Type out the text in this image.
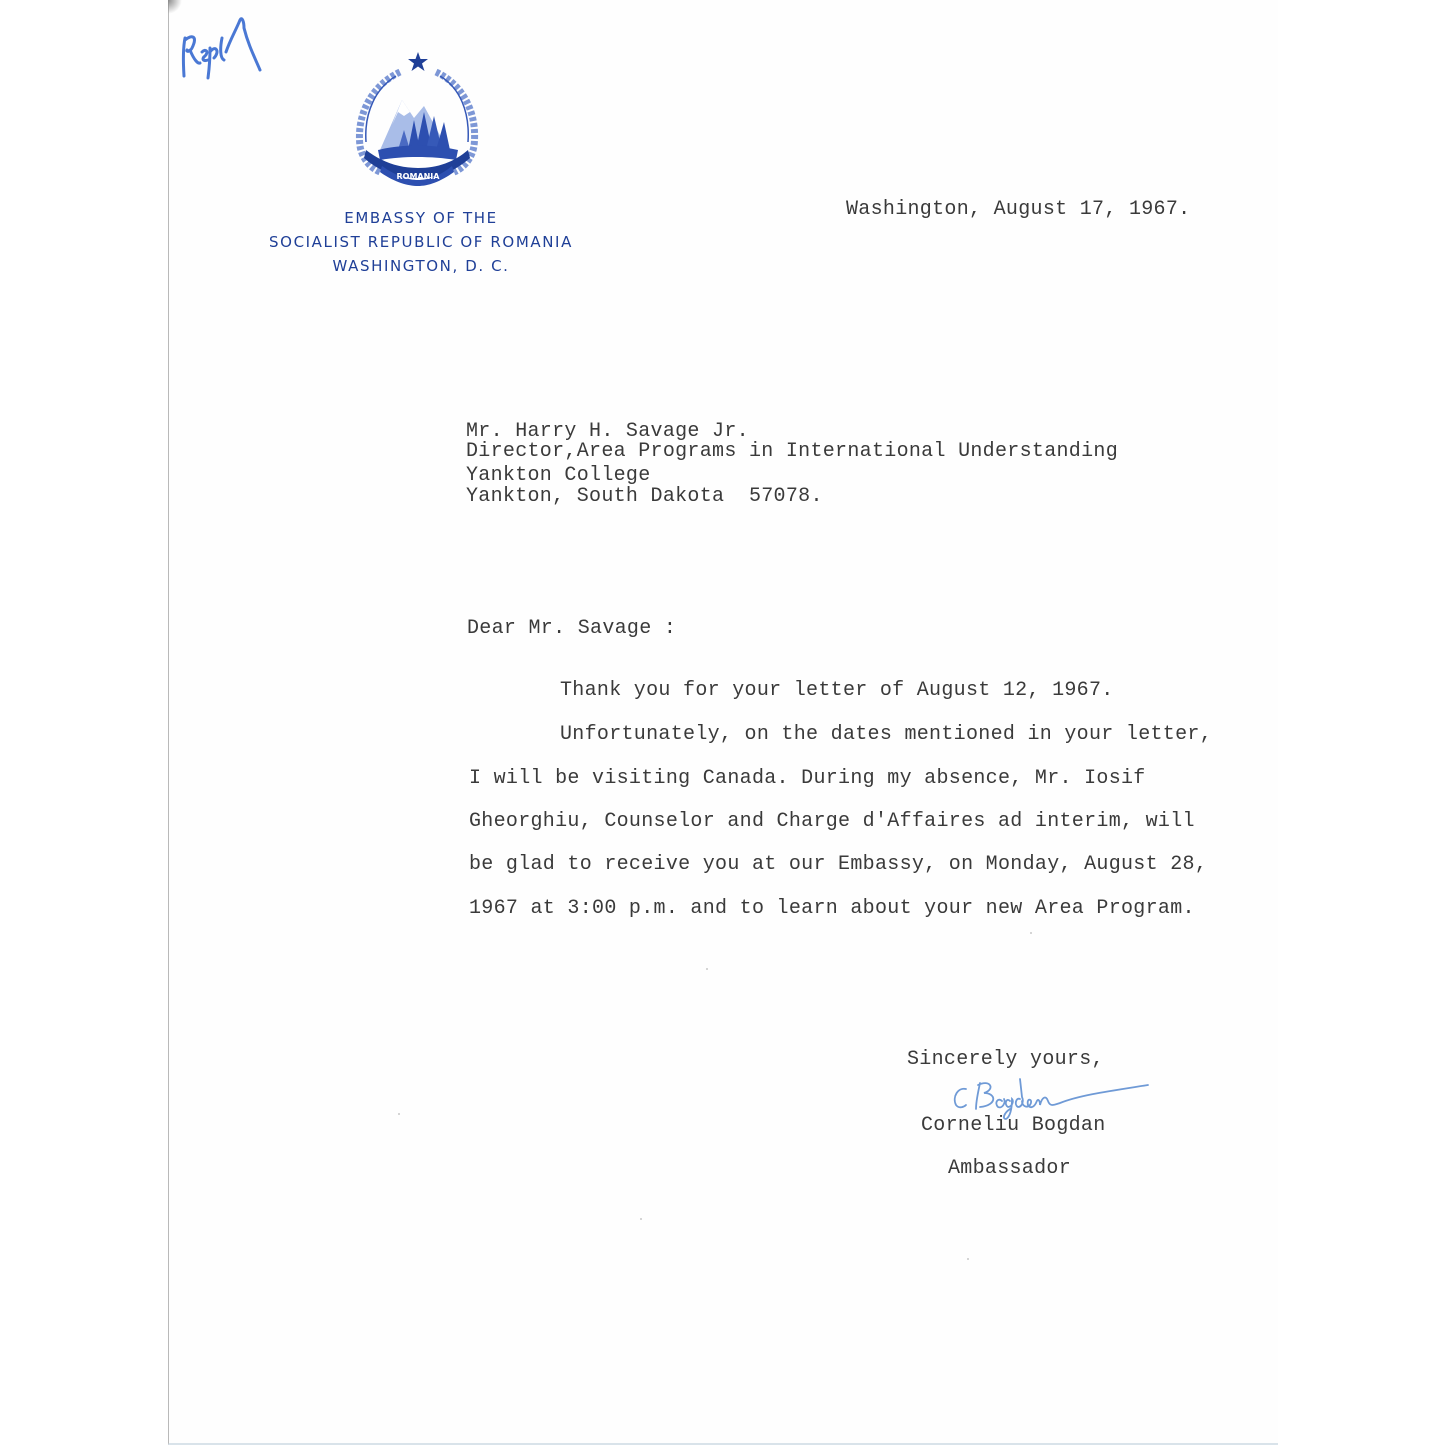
ROMANIA
EMBASSY OF THE
SOCIALIST REPUBLIC OF ROMANIA
WASHINGTON, D. C.
Washington, August 17, 1967.
Mr. Harry H. Savage Jr.
Director,Area Programs in International Understanding
Yankton College
Yankton, South Dakota  57078.
Dear Mr. Savage :
Thank you for your letter of August 12, 1967.
Unfortunately, on the dates mentioned in your letter,
I will be visiting Canada. During my absence, Mr. Iosif
Gheorghiu, Counselor and Charge d'Affaires ad interim, will
be glad to receive you at our Embassy, on Monday, August 28,
1967 at 3:00 p.m. and to learn about your new Area Program.
Sincerely yours,
Corneliu Bogdan
Ambassador
